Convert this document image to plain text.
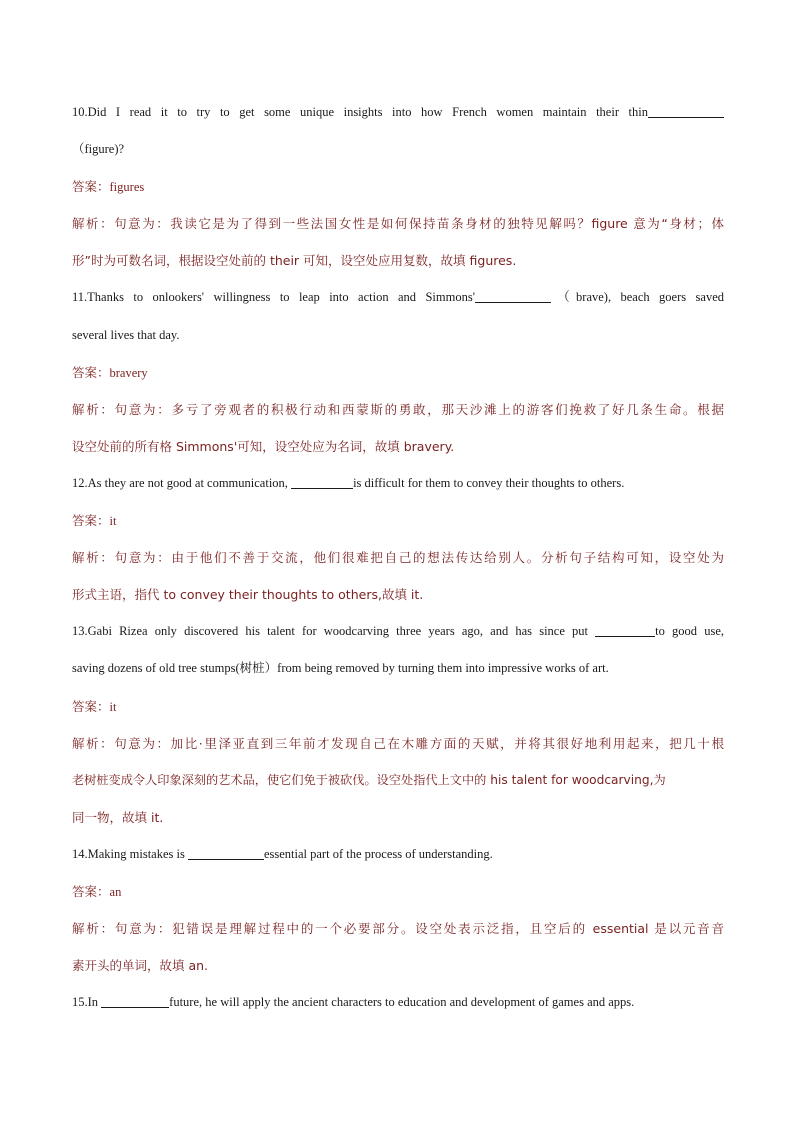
10.Did I read it to try to get some unique insights into how French women maintain their thin
（figure)?
答案：figures
解析：句意为：我读它是为了得到一些法国女性是如何保持苗条身材的独特见解吗？figure 意为“身材；体
形”时为可数名词，根据设空处前的 their 可知，设空处应用复数，故填 figures.
11.Thanks to onlookers' willingness to leap into action and Simmons'	（brave), beach goers saved
several lives that day.
答案：bravery
解析：句意为：多亏了旁观者的积极行动和西蒙斯的勇敢，那天沙滩上的游客们挽救了好几条生命。根据
设空处前的所有格 Simmons'可知，设空处应为名词，故填 bravery.
12.As they are not good at communication,	is difficult for them to convey their thoughts to others.
答案：it
解析：句意为：由于他们不善于交流，他们很难把自己的想法传达给别人。分析句子结构可知，设空处为
形式主语，指代 to convey their thoughts to others,故填 it.
13.Gabi Rizea only discovered his talent for woodcarving three years ago, and has since put	to good use,
saving dozens of old tree stumps(树桩）from being removed by turning them into impressive works of art.
答案：it
解析：句意为：加比·里泽亚直到三年前才发现自己在木雕方面的天赋，并将其很好地利用起来，把几十根
老树桩变成令人印象深刻的艺术品，使它们免于被砍伐。设空处指代上文中的 his talent for woodcarving,为
同一物，故填 it.
14.Making mistakes is	essential part of the process of understanding.
答案：an
解析：句意为：犯错误是理解过程中的一个必要部分。设空处表示泛指，且空后的 essential 是以元音音
素开头的单词，故填 an.
15.In	future, he will apply the ancient characters to education and development of games and apps.
